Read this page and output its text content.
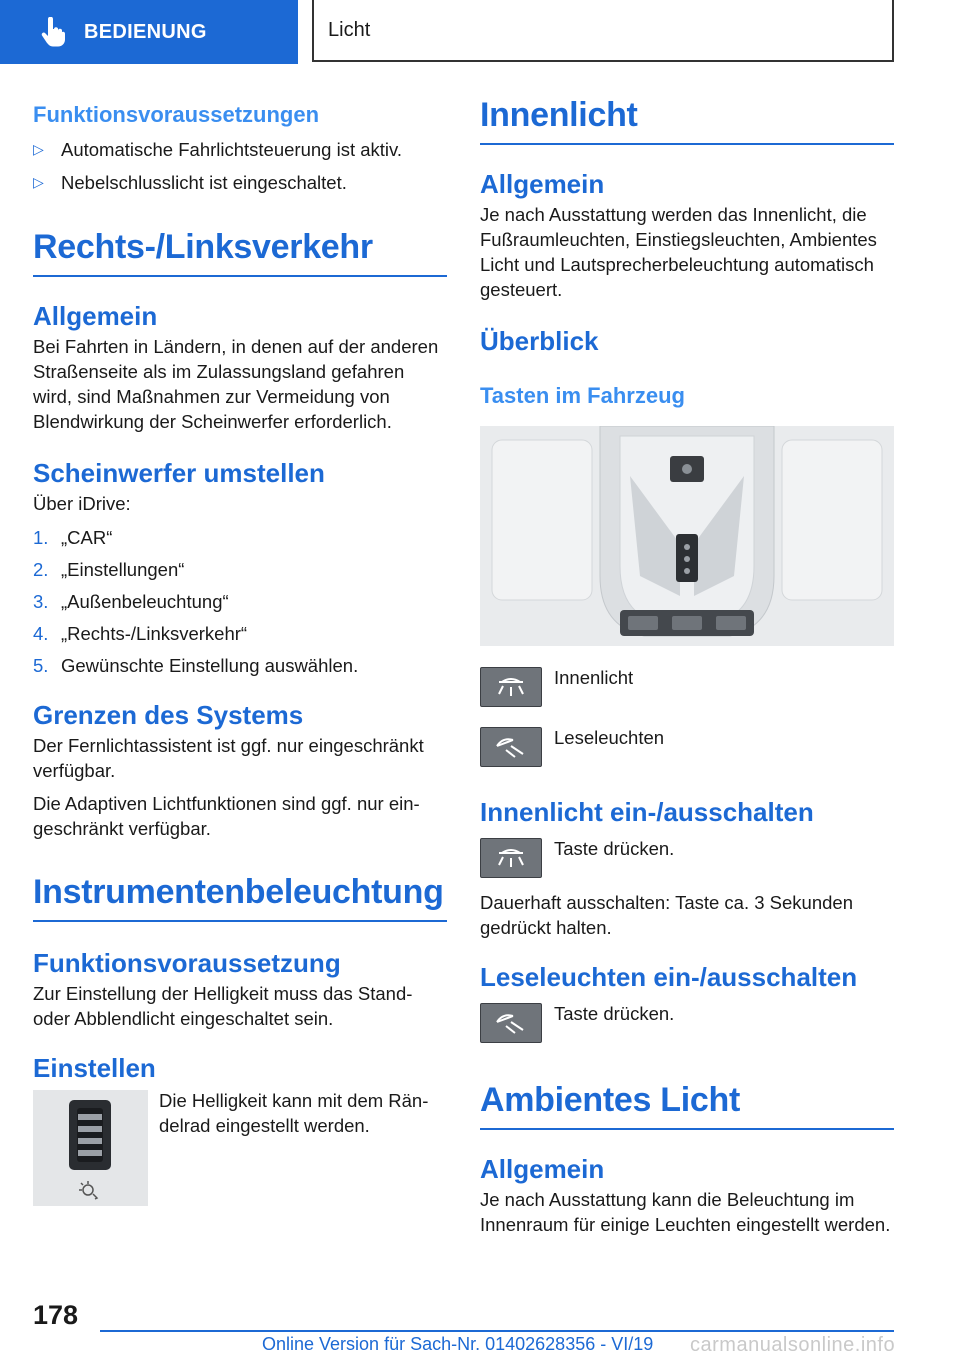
BEDIENUNG	Licht
Funktionsvoraussetzungen
▷ Automatische Fahrlichtsteuerung ist aktiv.
▷ Nebelschlusslicht ist eingeschaltet.
Rechts-/Linksverkehr
Allgemein

Bei Fahrten in Ländern, in denen auf der anderen Straßenseite als im Zulassungsland gefahren wird, sind Maßnahmen zur Vermeidung von Blendwirkung der Scheinwerfer erforderlich.

Scheinwerfer umstellen

Über iDrive:

1. „CAR“
2. „Einstellungen“
3. „Außenbeleuchtung“
4. „Rechts-/Linksverkehr“
5. Gewünschte Einstellung auswählen.
Grenzen des Systems

Der Fernlichtassistent ist ggf. nur eingeschränkt verfügbar.

Die Adaptiven Lichtfunktionen sind ggf. nur eingeschränkt verfügbar.

Instrumentenbeleuchtung
Funktionsvoraussetzung

Zur Einstellung der Helligkeit muss das Stand- oder Abblendlicht eingeschaltet sein.

Einstellen

Die Helligkeit kann mit dem Rändelrad eingestellt werden.

Innenlicht
Allgemein

Je nach Ausstattung werden das Innenlicht, die Fußraumleuchten, Einstiegsleuchten, Ambientes Licht und Lautsprecherbeleuchtung automatisch gesteuert.

Überblick
Tasten im Fahrzeug
Innenlicht
Leseleuchten
Innenlicht ein-/ausschalten
Taste drücken.

Dauerhaft ausschalten: Taste ca. 3 Sekunden gedrückt halten.

Leseleuchten ein-/ausschalten
Taste drücken.
Ambientes Licht
Allgemein

Je nach Ausstattung kann die Beleuchtung im Innenraum für einige Leuchten eingestellt werden.

178
Online Version für Sach-Nr. 01402628356 - VI/19 carmanualsonline.info
